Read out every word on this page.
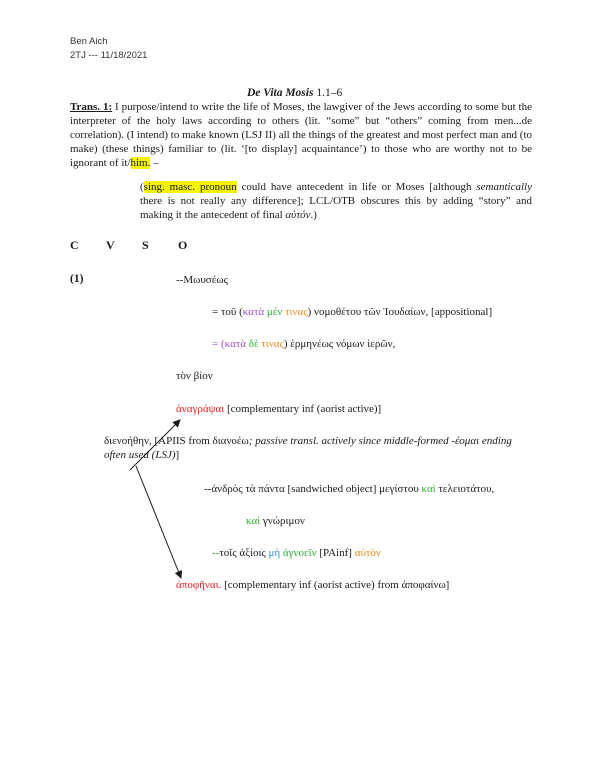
Ben Aich
2TJ --- 11/18/2021
De Vita Mosis 1.1–6
Trans. 1: I purpose/intend to write the life of Moses, the lawgiver of the Jews according to some but the interpreter of the holy laws according to others (lit. “some” but “others” coming from men...de correlation). (I intend) to make known (LSJ II) all the things of the greatest and most perfect man and (to make) (these things) familiar to (lit. ‘[to display] acquaintance’) to those who are worthy not to be ignorant of it/him. –
(sing. masc. pronoun could have antecedent in life or Moses [although semantically there is not really any difference]; LCL/OTB obscures this by adding “story” and making it the antecedent of final αὐτόν.)
C V S O
(1)	--Μωυσέως
= τοῦ (κατὰ μέν τινας) νομοθέτου τῶν Ἰουδαίων, [appositional]
= (κατὰ δὲ τινας) ἑρμηνέως νόμων ἱερῶν,
τὸν βίον
ἀναγράψαι [complementary inf (aorist active)]
διενοήθην, [APIIS from διανοέω; passive transl. actively since middle-formed -έομαι ending often used (LSJ)]
--ἀνδρὸς τὰ πάντα [sandwiched object] μεγίστου καὶ τελειοτάτου,
καὶ γνώριμον
--τοῖς ἀξίοις μὴ ἀγνοεῖν [PAinf] αὐτὸν
ἀποφῆναι. [complementary inf (aorist active) from ἀποφαίνω]
